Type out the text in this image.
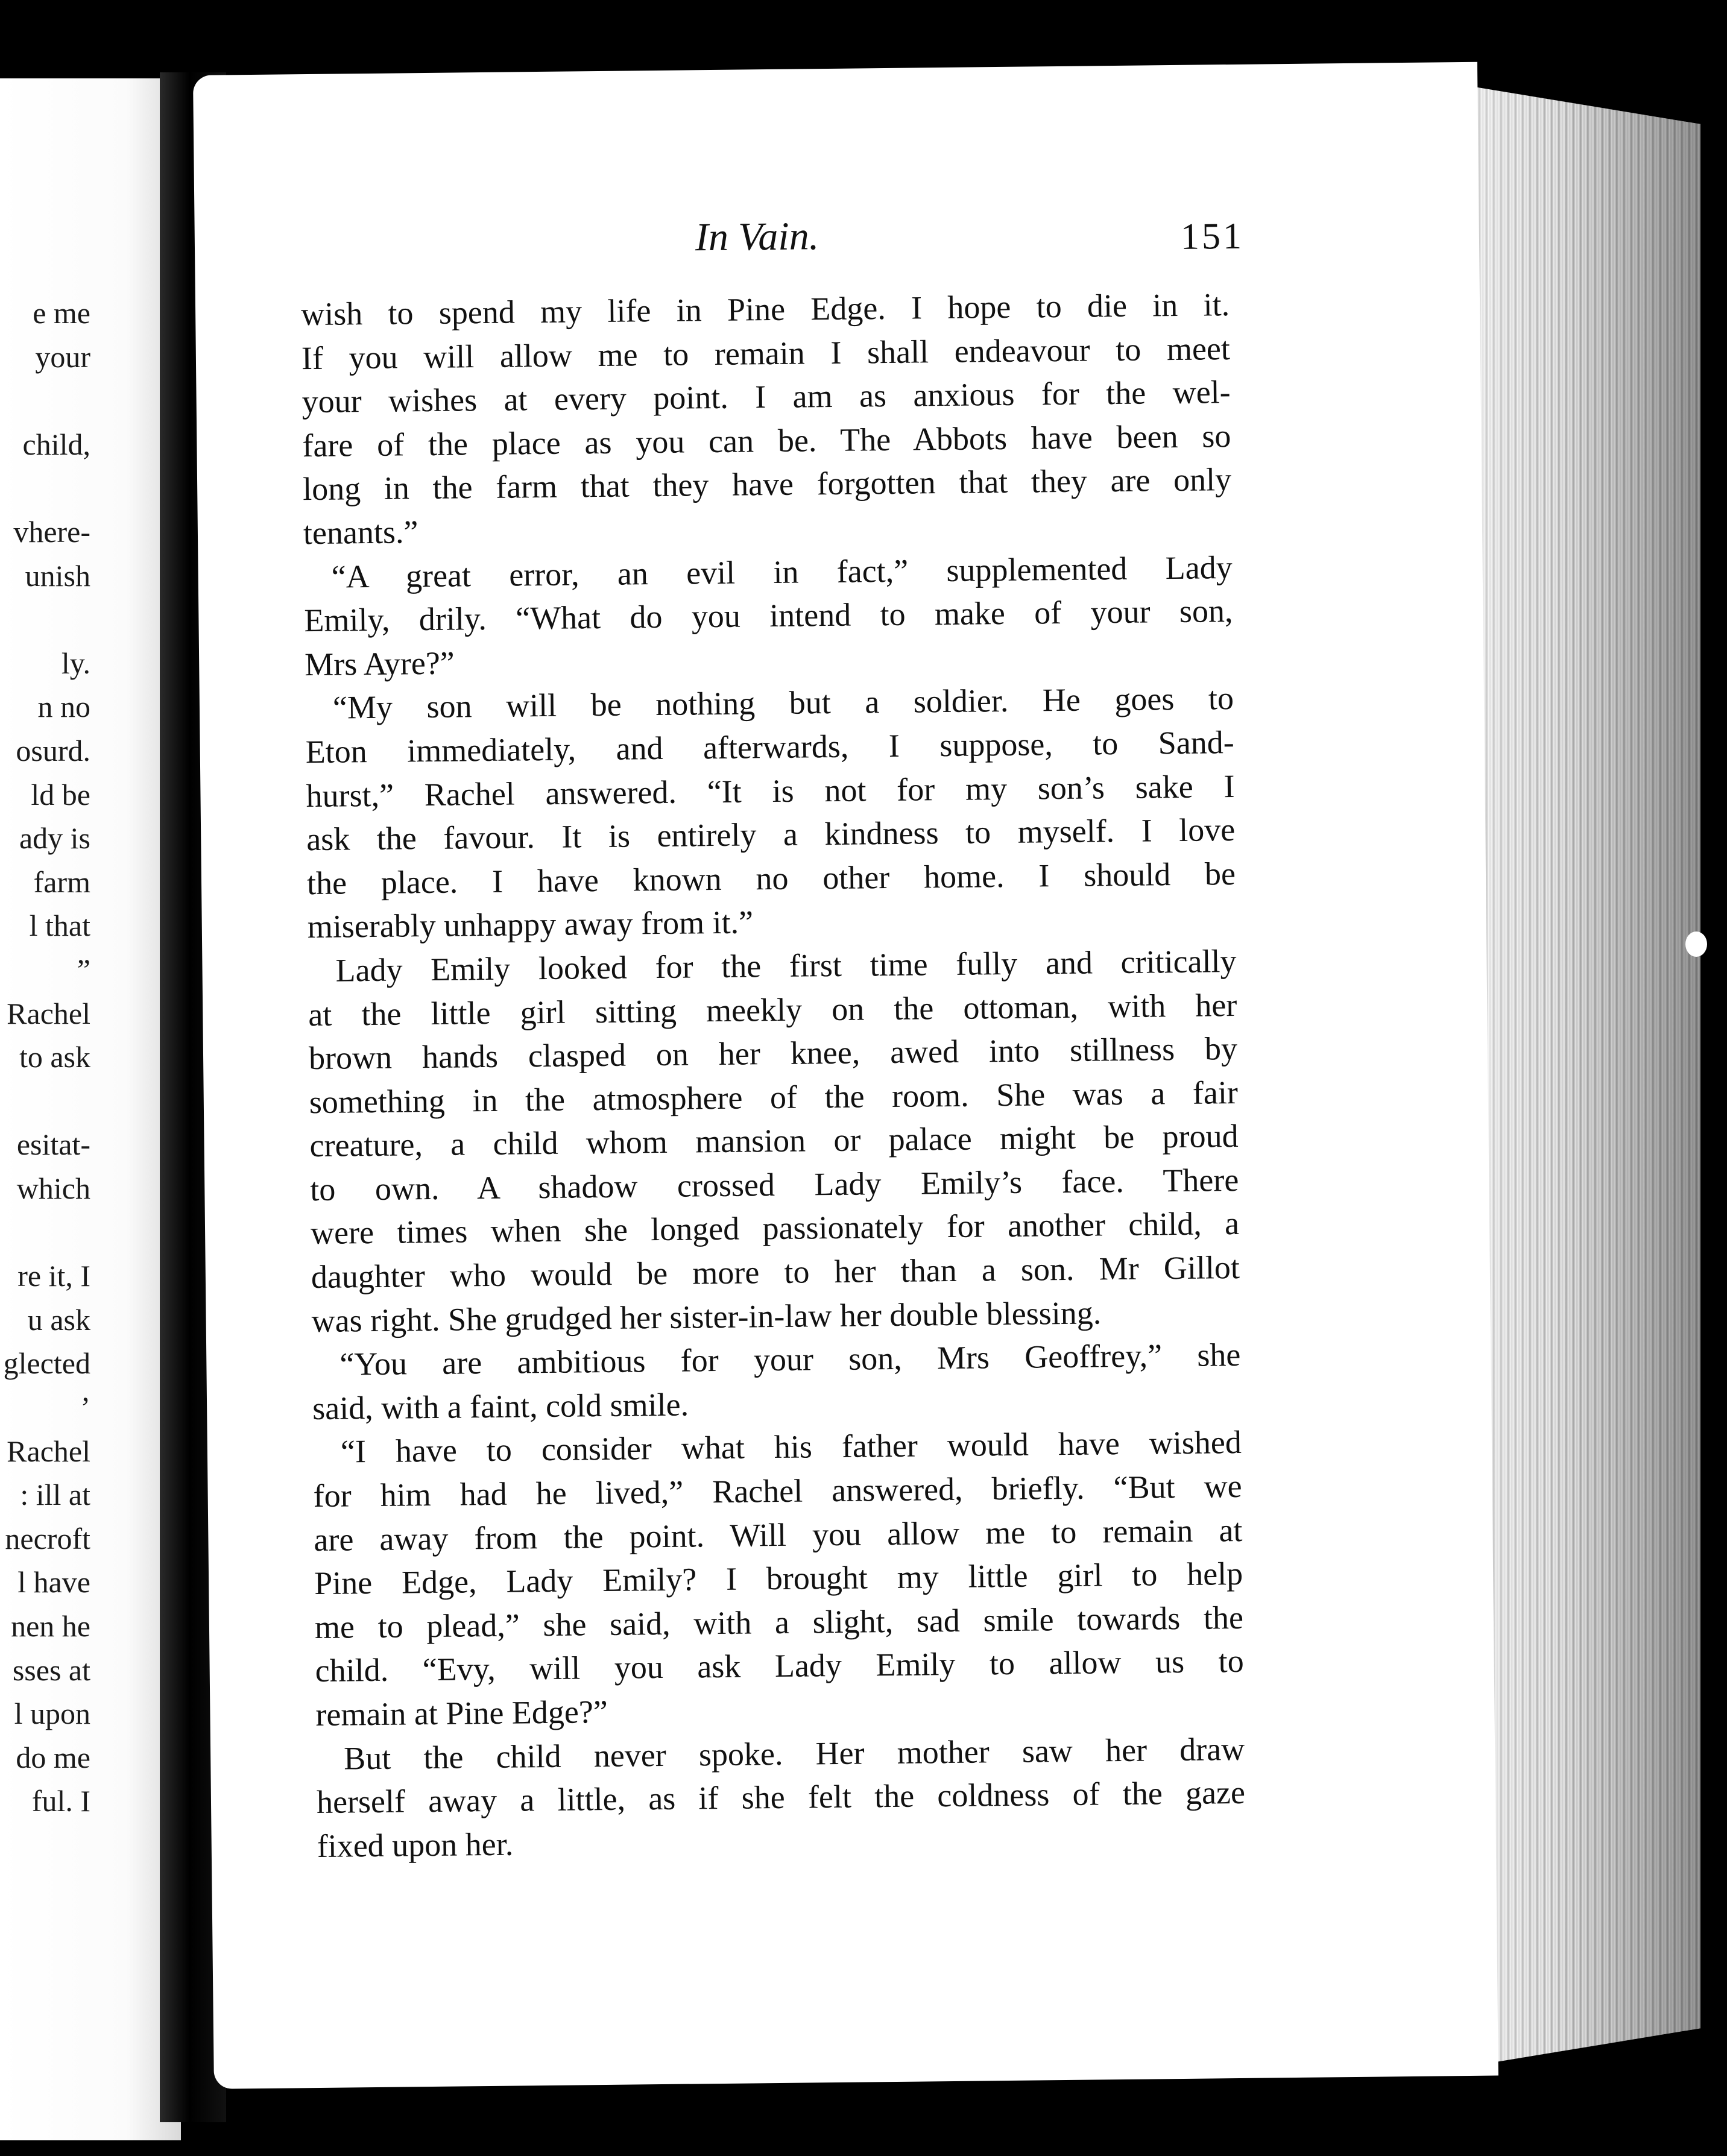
e me
your
child,
vhere-
unish
ly.
n no
osurd.
ld be
ady is
farm
l that
”
Rachel
to ask
esitat-
which
re it, I
u ask
glected
’
Rachel
: ill at
necroft
l have
nen he
sses at
l upon
do me
ful. I
In Vain.	151
wish to spend my life in Pine Edge. I hope to die in it.
If you will allow me to remain I shall endeavour to meet
your wishes at every point. I am as anxious for the wel-
fare of the place as you can be. The Abbots have been so
long in the farm that they have forgotten that they are only
tenants.”
“A great error, an evil in fact,” supplemented Lady
Emily, drily. “What do you intend to make of your son,
Mrs Ayre?”
“My son will be nothing but a soldier. He goes to
Eton immediately, and afterwards, I suppose, to Sand-
hurst,” Rachel answered. “It is not for my son’s sake I
ask the favour. It is entirely a kindness to myself. I love
the place. I have known no other home. I should be
miserably unhappy away from it.”
Lady Emily looked for the first time fully and critically
at the little girl sitting meekly on the ottoman, with her
brown hands clasped on her knee, awed into stillness by
something in the atmosphere of the room. She was a fair
creature, a child whom mansion or palace might be proud
to own. A shadow crossed Lady Emily’s face. There
were times when she longed passionately for another child, a
daughter who would be more to her than a son. Mr Gillot
was right. She grudged her sister-in-law her double blessing.
“You are ambitious for your son, Mrs Geoffrey,” she
said, with a faint, cold smile.
“I have to consider what his father would have wished
for him had he lived,” Rachel answered, briefly. “But we
are away from the point. Will you allow me to remain at
Pine Edge, Lady Emily? I brought my little girl to help
me to plead,” she said, with a slight, sad smile towards the
child. “Evy, will you ask Lady Emily to allow us to
remain at Pine Edge?”
But the child never spoke. Her mother saw her draw
herself away a little, as if she felt the coldness of the gaze
fixed upon her.
